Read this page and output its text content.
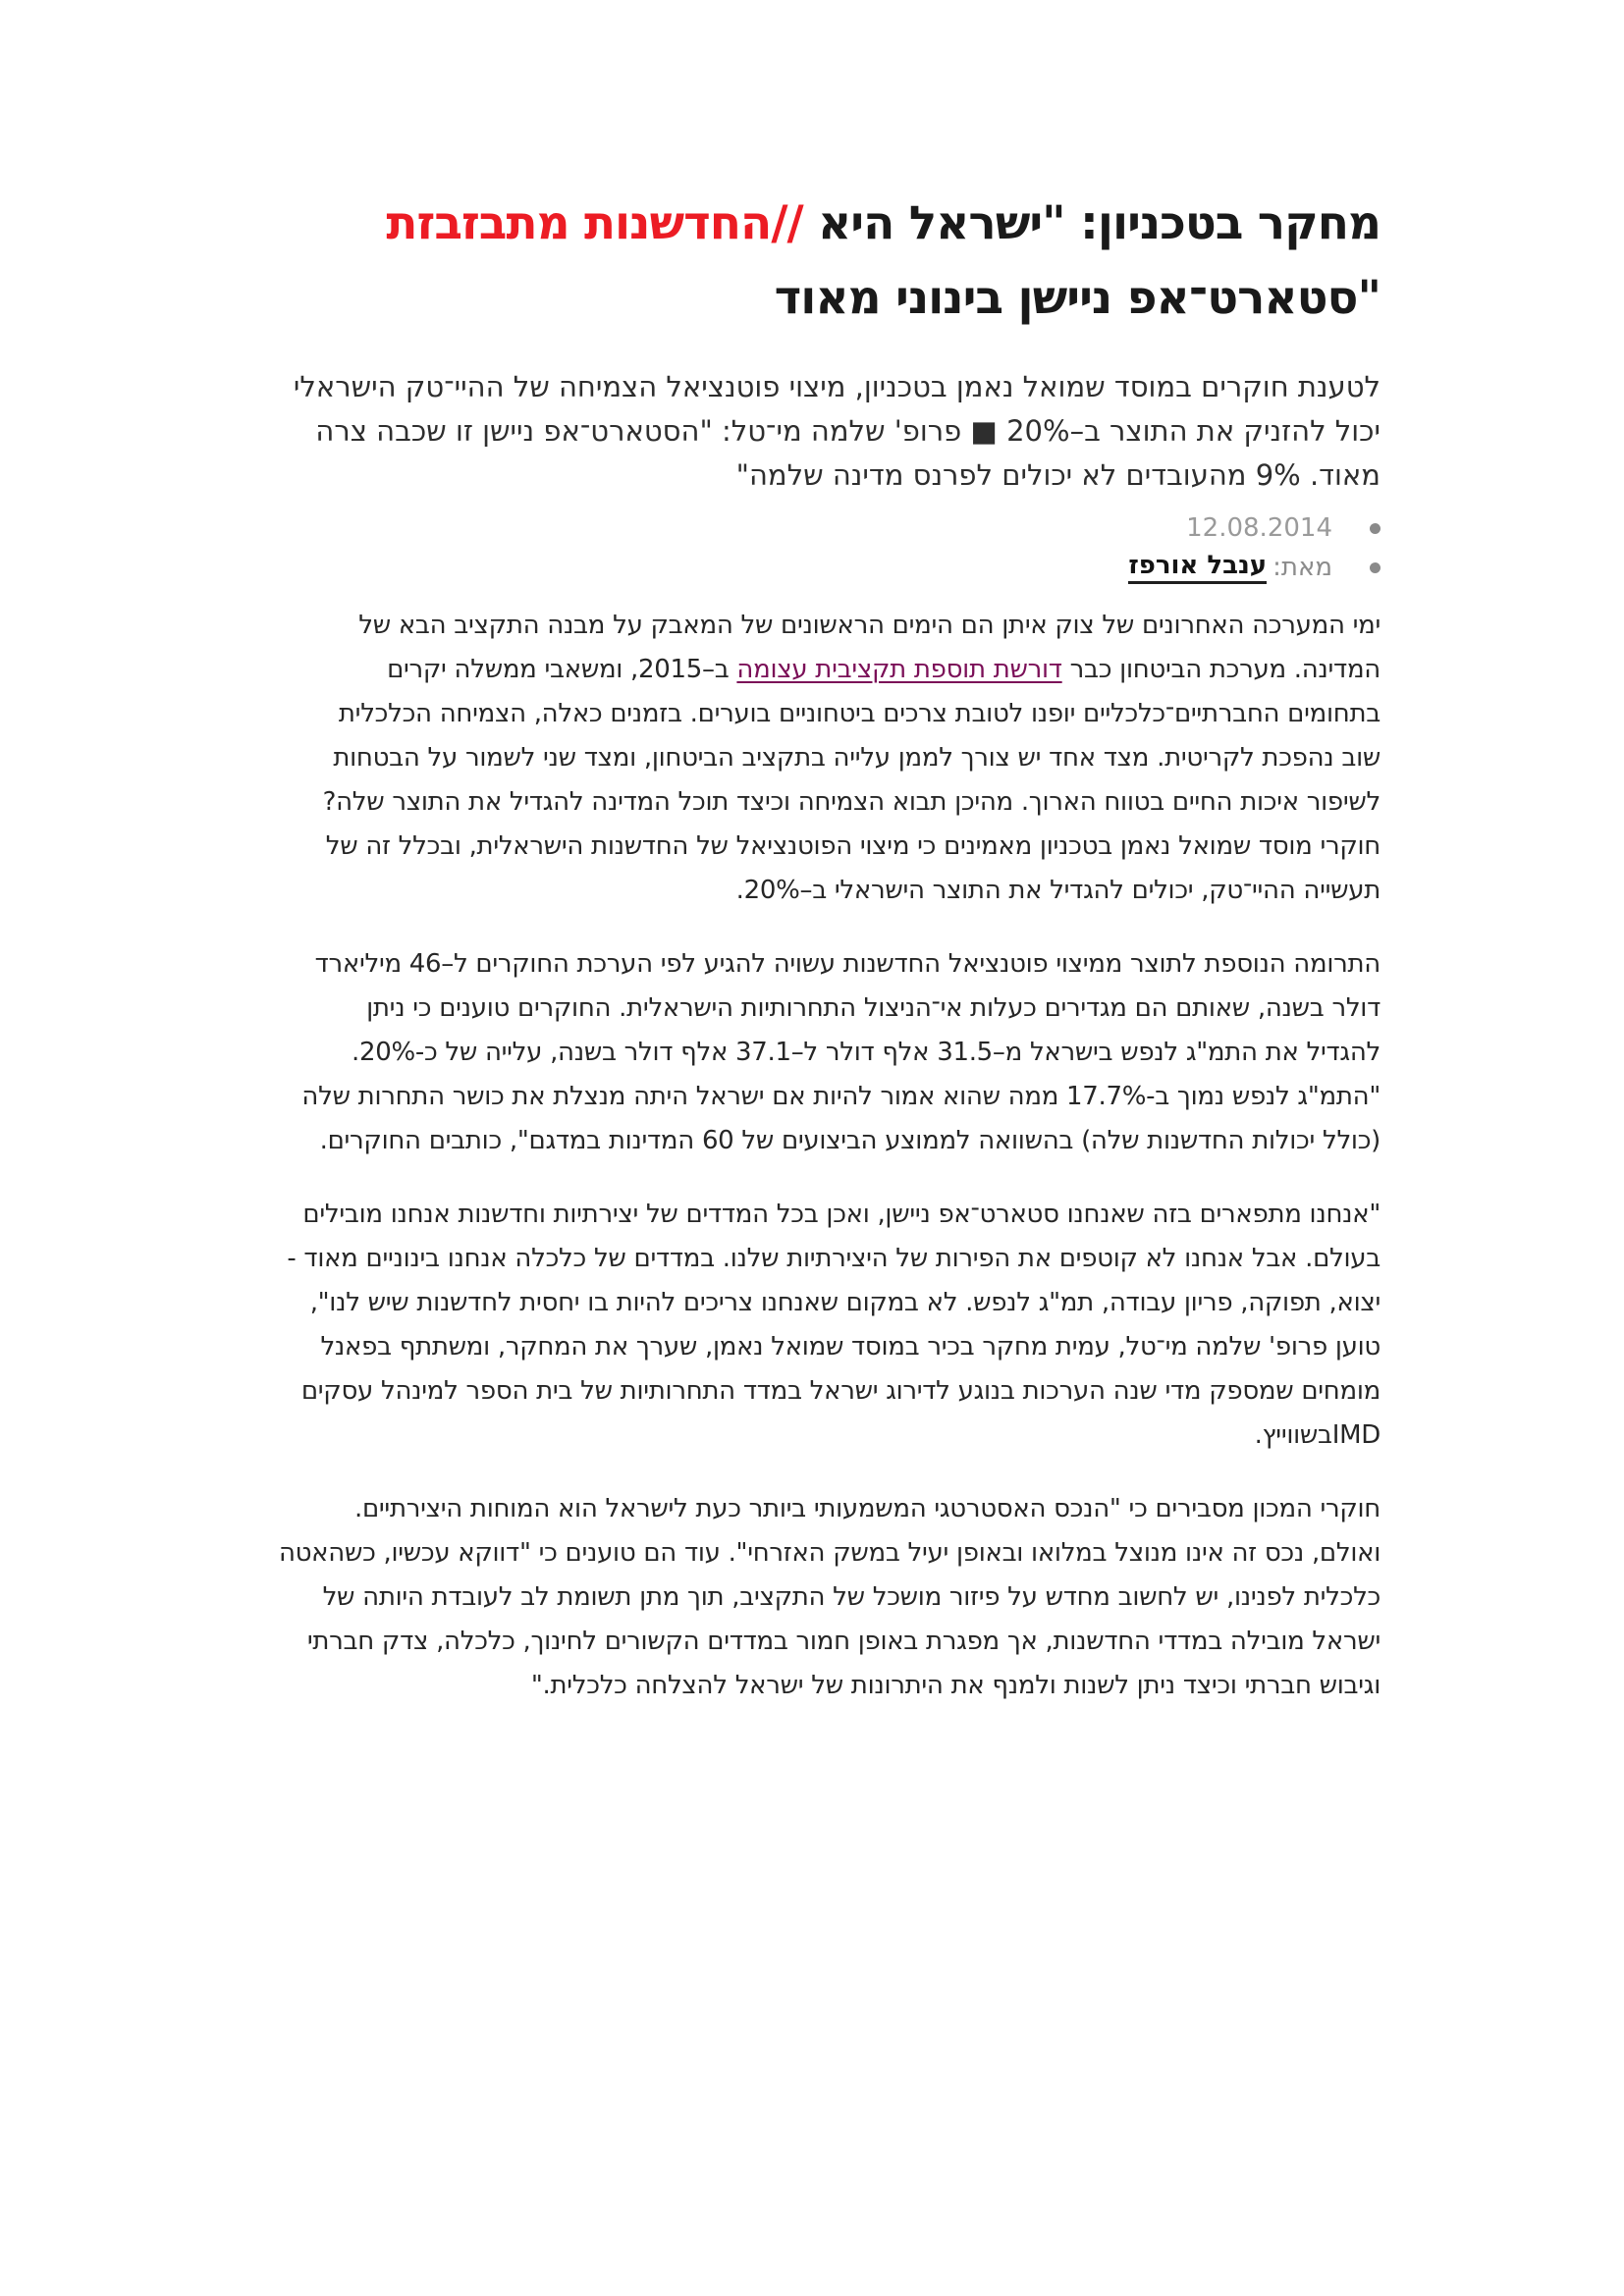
מחקר בטכניון: "ישראל היא //החדשנות מתבזבזת
"סטארט־אפ ניישן בינוני מאוד

לטענת חוקרים במוסד שמואל נאמן בטכניון, מיצוי פוטנציאל הצמיחה של ההיי־טק הישראלי
יכול להזניק את התוצר ב–20% ■ פרופ' שלמה מי־טל: "הסטארט־אפ ניישן זו שכבה צרה
מאוד. 9% מהעובדים לא יכולים לפרנס מדינה שלמה"

12.08.2014
מאת:
ענבל אורפז

ימי המערכה האחרונים של צוק איתן הם הימים הראשונים של המאבק על מבנה התקציב הבא של
המדינה. מערכת הביטחון כבר דורשת תוספת תקציבית עצומה ב–2015, ומשאבי ממשלה יקרים
בתחומים החברתיים־כלכליים יופנו לטובת צרכים ביטחוניים בוערים. בזמנים כאלה, הצמיחה הכלכלית
שוב נהפכת לקריטית. מצד אחד יש צורך לממן עלייה בתקציב הביטחון, ומצד שני לשמור על הבטחות
לשיפור איכות החיים בטווח הארוך. מהיכן תבוא הצמיחה וכיצד תוכל המדינה להגדיל את התוצר שלה?
חוקרי מוסד שמואל נאמן בטכניון מאמינים כי מיצוי הפוטנציאל של החדשנות הישראלית, ובכלל זה של
תעשייה ההיי־טק, יכולים להגדיל את התוצר הישראלי ב–20%.

התרומה הנוספת לתוצר ממיצוי פוטנציאל החדשנות עשויה להגיע לפי הערכת החוקרים ל–46 מיליארד
דולר בשנה, שאותם הם מגדירים כעלות אי־הניצול התחרותיות הישראלית. החוקרים טוענים כי ניתן
להגדיל את התמ"ג לנפש בישראל מ–31.5 אלף דולר ל–37.1 אלף דולר בשנה, עלייה של כ-20%.
"התמ"ג לנפש נמוך ב-17.7% ממה שהוא אמור להיות אם ישראל היתה מנצלת את כושר התחרות שלה
(כולל יכולות החדשנות שלה) בהשוואה לממוצע הביצועים של 60 המדינות במדגם", כותבים החוקרים.

"אנחנו מתפארים בזה שאנחנו סטארט־אפ ניישן, ואכן בכל המדדים של יצירתיות וחדשנות אנחנו מובילים
בעולם. אבל אנחנו לא קוטפים את הפירות של היצירתיות שלנו. במדדים של כלכלה אנחנו בינוניים מאוד -
יצוא, תפוקה, פריון עבודה, תמ"ג לנפש. לא במקום שאנחנו צריכים להיות בו יחסית לחדשנות שיש לנו",
טוען פרופ' שלמה מי־טל, עמית מחקר בכיר במוסד שמואל נאמן, שערך את המחקר, ומשתתף בפאנל
מומחים שמספק מדי שנה הערכות בנוגע לדירוג ישראל במדד התחרותיות של בית הספר למינהל עסקים
IMDבשווייץ.

חוקרי המכון מסבירים כי "הנכס האסטרטגי המשמעותי ביותר כעת לישראל הוא המוחות היצירתיים.
ואולם, נכס זה אינו מנוצל במלואו ובאופן יעיל במשק האזרחי". עוד הם טוענים כי "דווקא עכשיו, כשהאטה
כלכלית לפנינו, יש לחשוב מחדש על פיזור מושכל של התקציב, תוך מתן תשומת לב לעובדת היותה של
ישראל מובילה במדדי החדשנות, אך מפגרת באופן חמור במדדים הקשורים לחינוך, כלכלה, צדק חברתי
וגיבוש חברתי וכיצד ניתן לשנות ולמנף את היתרונות של ישראל להצלחה כלכלית."
